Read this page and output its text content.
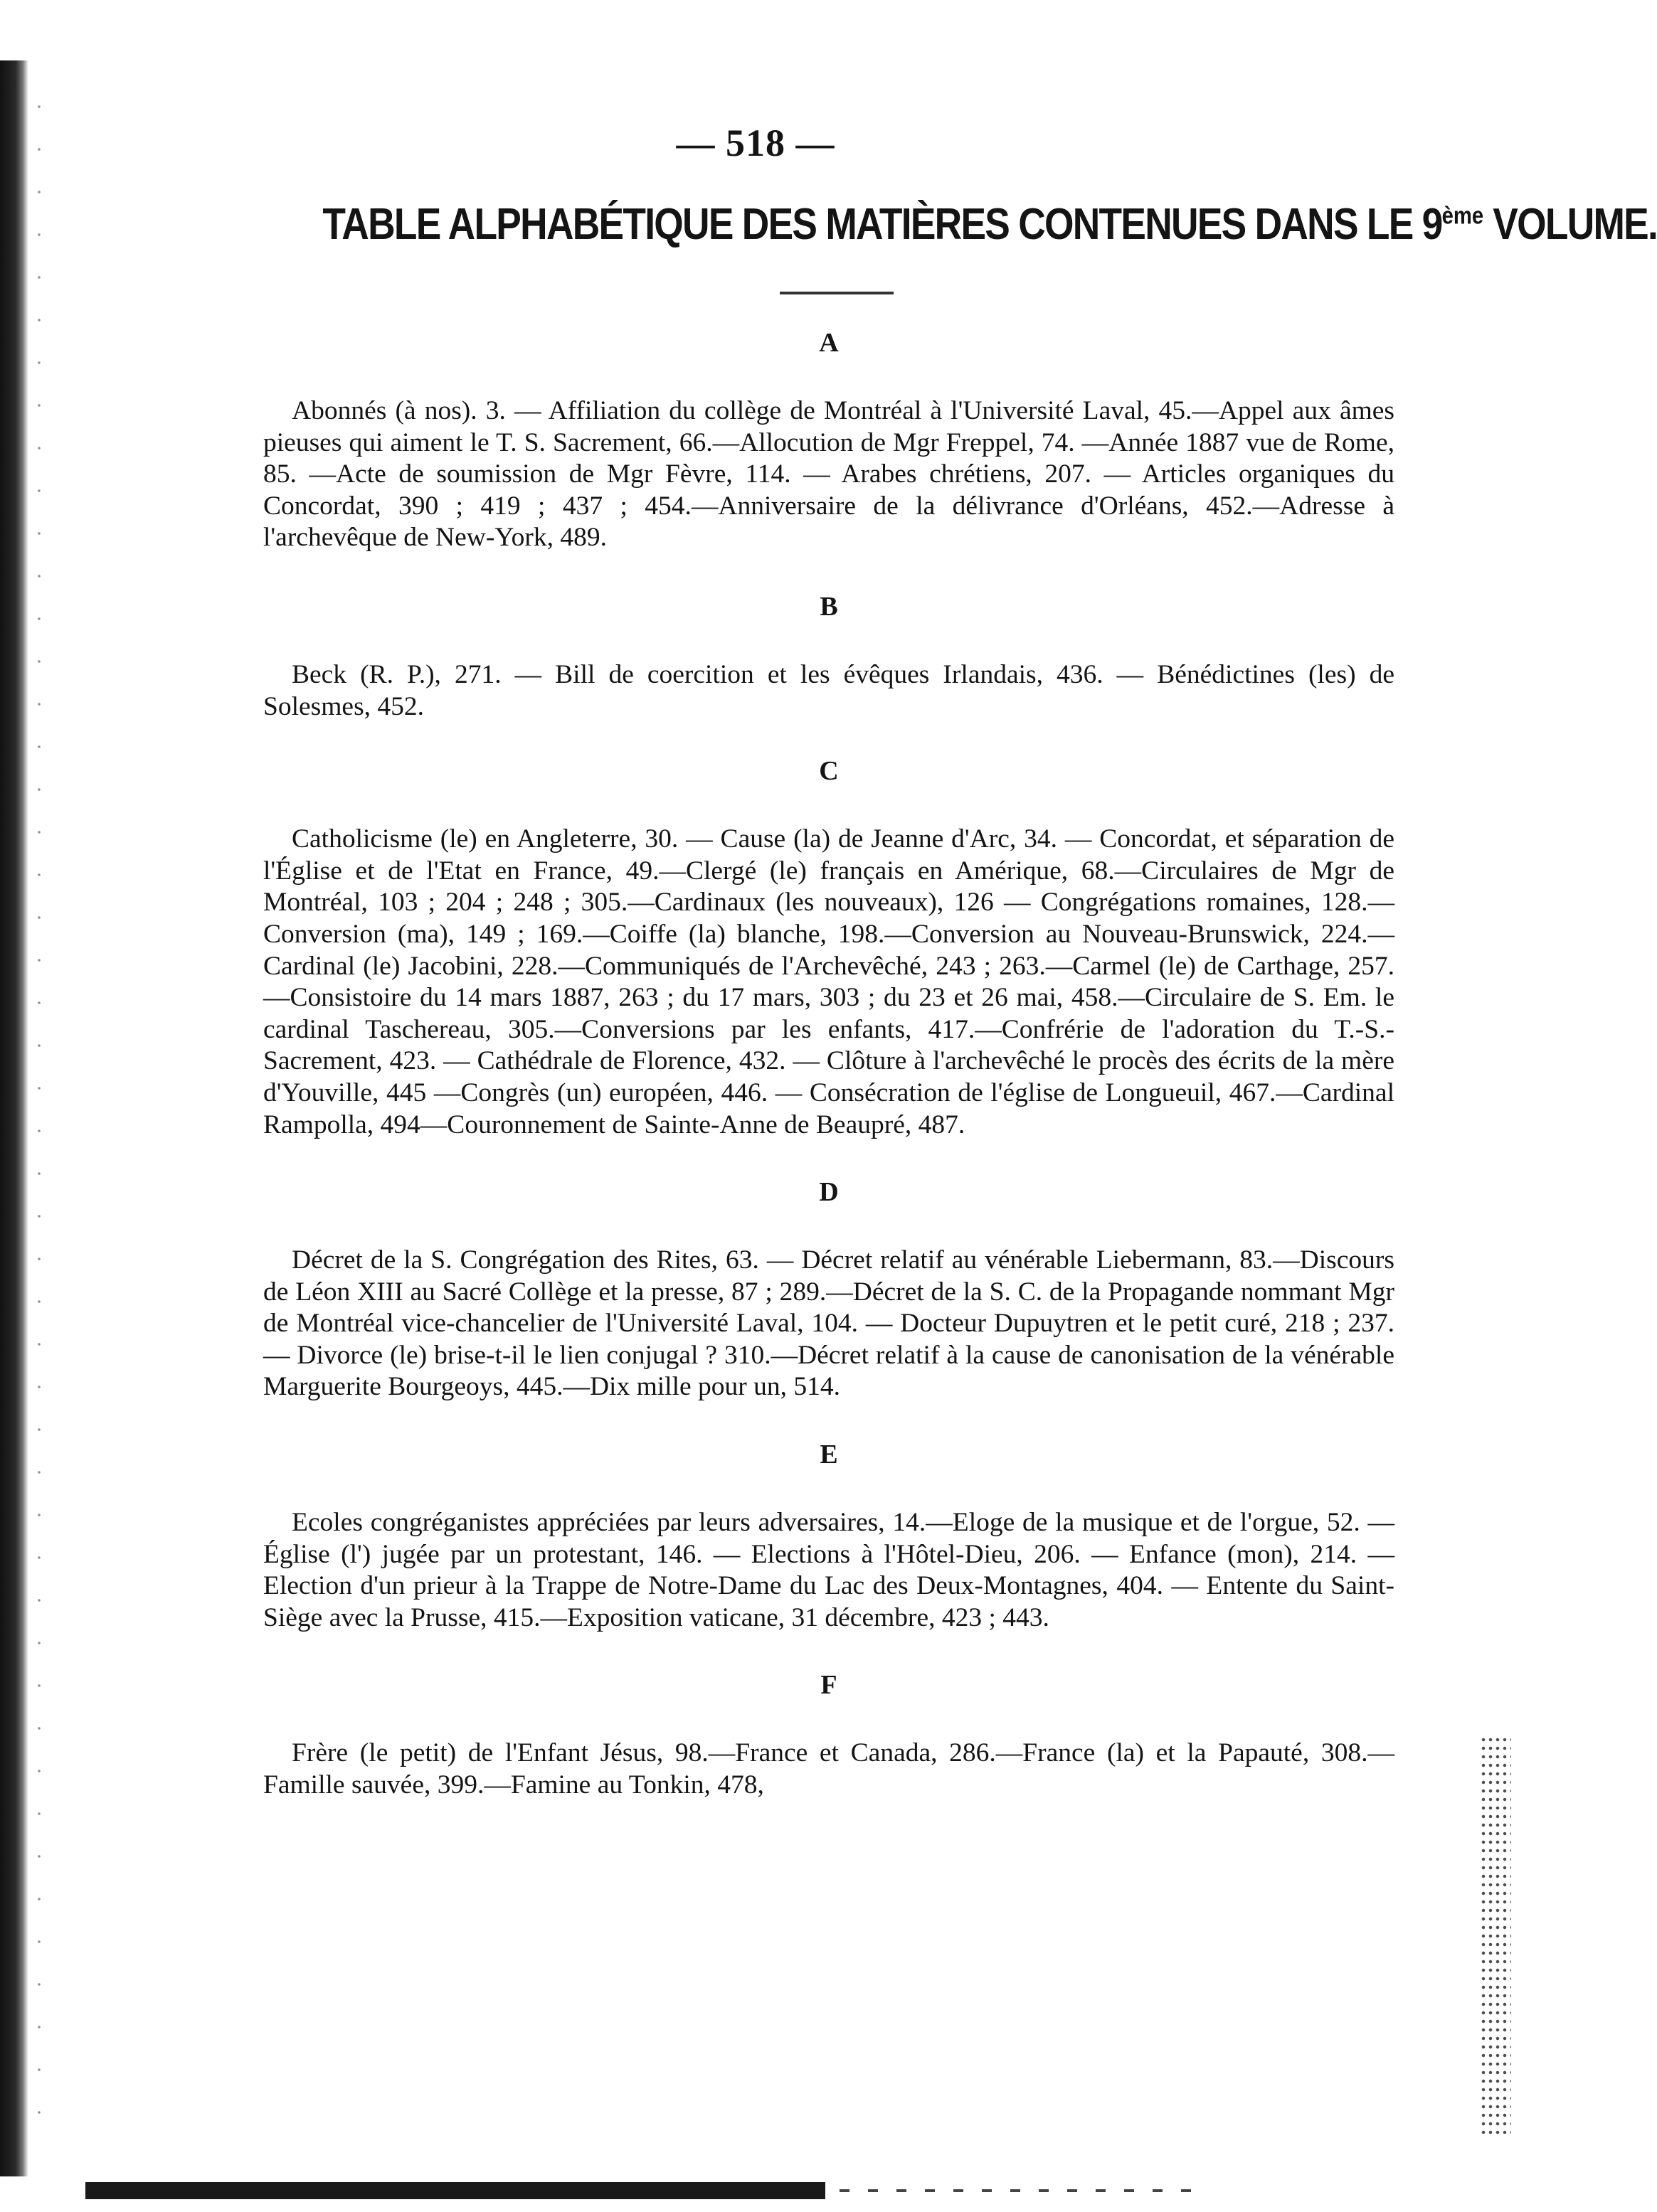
— 518 —
TABLE ALPHABÉTIQUE DES MATIÈRES CONTENUES DANS LE 9ème VOLUME.
A

Abonnés (à nos). 3. — Affiliation du collège de Montréal à l'Université Laval, 45.—Appel aux âmes pieuses qui aiment le T. S. Sacrement, 66.—Allocution de Mgr Freppel, 74. —Année 1887 vue de Rome, 85. —Acte de soumission de Mgr Fèvre, 114. — Arabes chrétiens, 207. — Articles organiques du Concordat, 390 ; 419 ; 437 ; 454.—Anniversaire de la délivrance d'Orléans, 452.—Adresse à l'archevêque de New-York, 489.

B

Beck (R. P.), 271. — Bill de coercition et les évêques Irlandais, 436. — Bénédictines (les) de Solesmes, 452.

C

Catholicisme (le) en Angleterre, 30. — Cause (la) de Jeanne d'Arc, 34. — Concordat, et séparation de l'Église et de l'Etat en France, 49.—Clergé (le) français en Amérique, 68.—Circulaires de Mgr de Montréal, 103 ; 204 ; 248 ; 305.—Cardinaux (les nouveaux), 126 — Congrégations romaines, 128.—Conversion (ma), 149 ; 169.—Coiffe (la) blanche, 198.—Conversion au Nouveau-Brunswick, 224.—Cardinal (le) Jacobini, 228.—Communiqués de l'Archevêché, 243 ; 263.—Carmel (le) de Carthage, 257. —Consistoire du 14 mars 1887, 263 ; du 17 mars, 303 ; du 23 et 26 mai, 458.—Circulaire de S. Em. le cardinal Taschereau, 305.—Conversions par les enfants, 417.—Confrérie de l'adoration du T.-S.-Sacrement, 423. — Cathédrale de Florence, 432. — Clôture à l'archevêché le procès des écrits de la mère d'Youville, 445 —Congrès (un) européen, 446. — Consécration de l'église de Longueuil, 467.—Cardinal Rampolla, 494—Couronnement de Sainte-Anne de Beaupré, 487.

D

Décret de la S. Congrégation des Rites, 63. — Décret relatif au vénérable Liebermann, 83.—Discours de Léon XIII au Sacré Collège et la presse, 87 ; 289.—Décret de la S. C. de la Propagande nommant Mgr de Montréal vice-chancelier de l'Université Laval, 104. — Docteur Dupuytren et le petit curé, 218 ; 237. — Divorce (le) brise-t-il le lien conjugal ? 310.—Décret relatif à la cause de canonisation de la vénérable Marguerite Bourgeoys, 445.—Dix mille pour un, 514.

E

Ecoles congréganistes appréciées par leurs adversaires, 14.—Eloge de la musique et de l'orgue, 52. — Église (l') jugée par un protestant, 146. — Elections à l'Hôtel-Dieu, 206. — Enfance (mon), 214. — Election d'un prieur à la Trappe de Notre-Dame du Lac des Deux-Montagnes, 404. — Entente du Saint-Siège avec la Prusse, 415.—Exposition vaticane, 31 décembre, 423 ; 443.

F

Frère (le petit) de l'Enfant Jésus, 98.—France et Canada, 286.—France (la) et la Papauté, 308.—Famille sauvée, 399.—Famine au Tonkin, 478,
